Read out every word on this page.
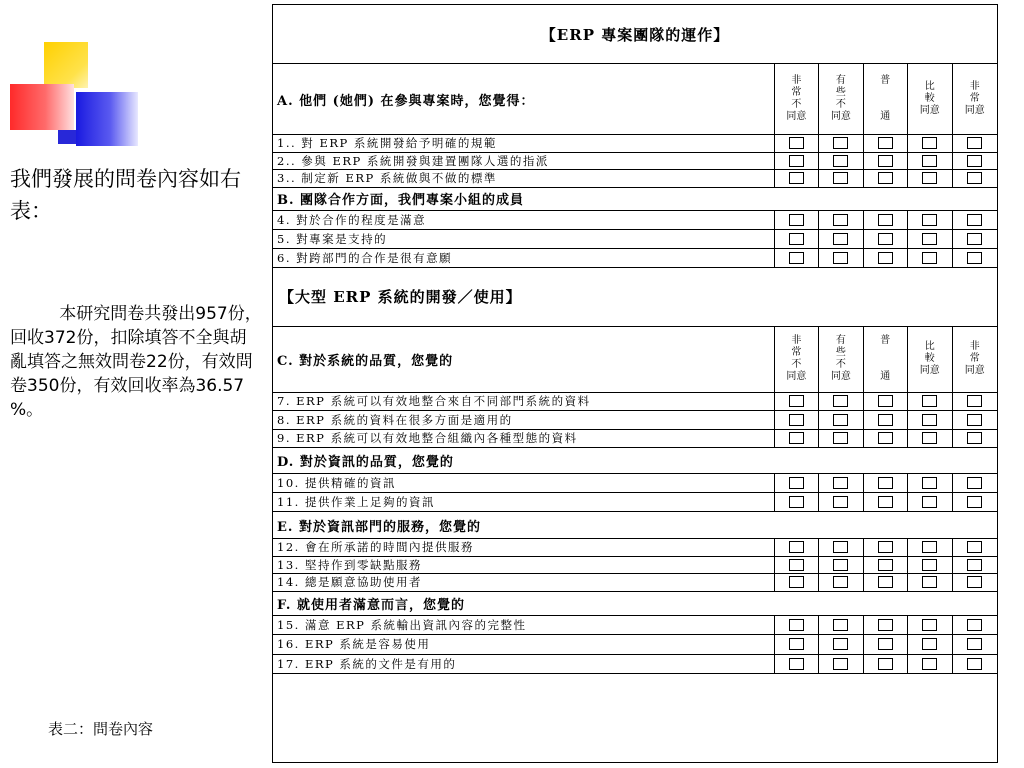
我們發展的問卷內容如右表：
本研究問卷共發出957份，回收372份，扣除填答不全與胡亂填答之無效問卷22份，有效問卷350份，有效回收率為36.57 %。
表二：問卷內容
【ERP 專案團隊的運作】
A. 他們 (她們) 在參與專案時，您覺得：
非
常
不
同意
有
些
不
同意
普

通
比
較
同意
非
常
同意
1.. 對 ERP 系統開發給予明確的規範
2.. 參與 ERP 系統開發與建置團隊人選的指派
3.. 制定新 ERP 系統做與不做的標準
B. 團隊合作方面，我們專案小組的成員
4. 對於合作的程度是滿意
5. 對專案是支持的
6. 對跨部門的合作是很有意願
【大型 ERP 系統的開發／使用】
C. 對於系統的品質，您覺的
非
常
不
同意
有
些
不
同意
普

通
比
較
同意
非
常
同意
7. ERP 系統可以有效地整合來自不同部門系統的資料
8. ERP 系統的資料在很多方面是適用的
9. ERP 系統可以有效地整合組織內各種型態的資料
D. 對於資訊的品質，您覺的
10. 提供精確的資訊
11. 提供作業上足夠的資訊
E. 對於資訊部門的服務，您覺的
12. 會在所承諾的時間內提供服務
13. 堅持作到零缺點服務
14. 總是願意協助使用者
F. 就使用者滿意而言，您覺的
15. 滿意 ERP 系統輸出資訊內容的完整性
16. ERP 系統是容易使用
17. ERP 系統的文件是有用的
